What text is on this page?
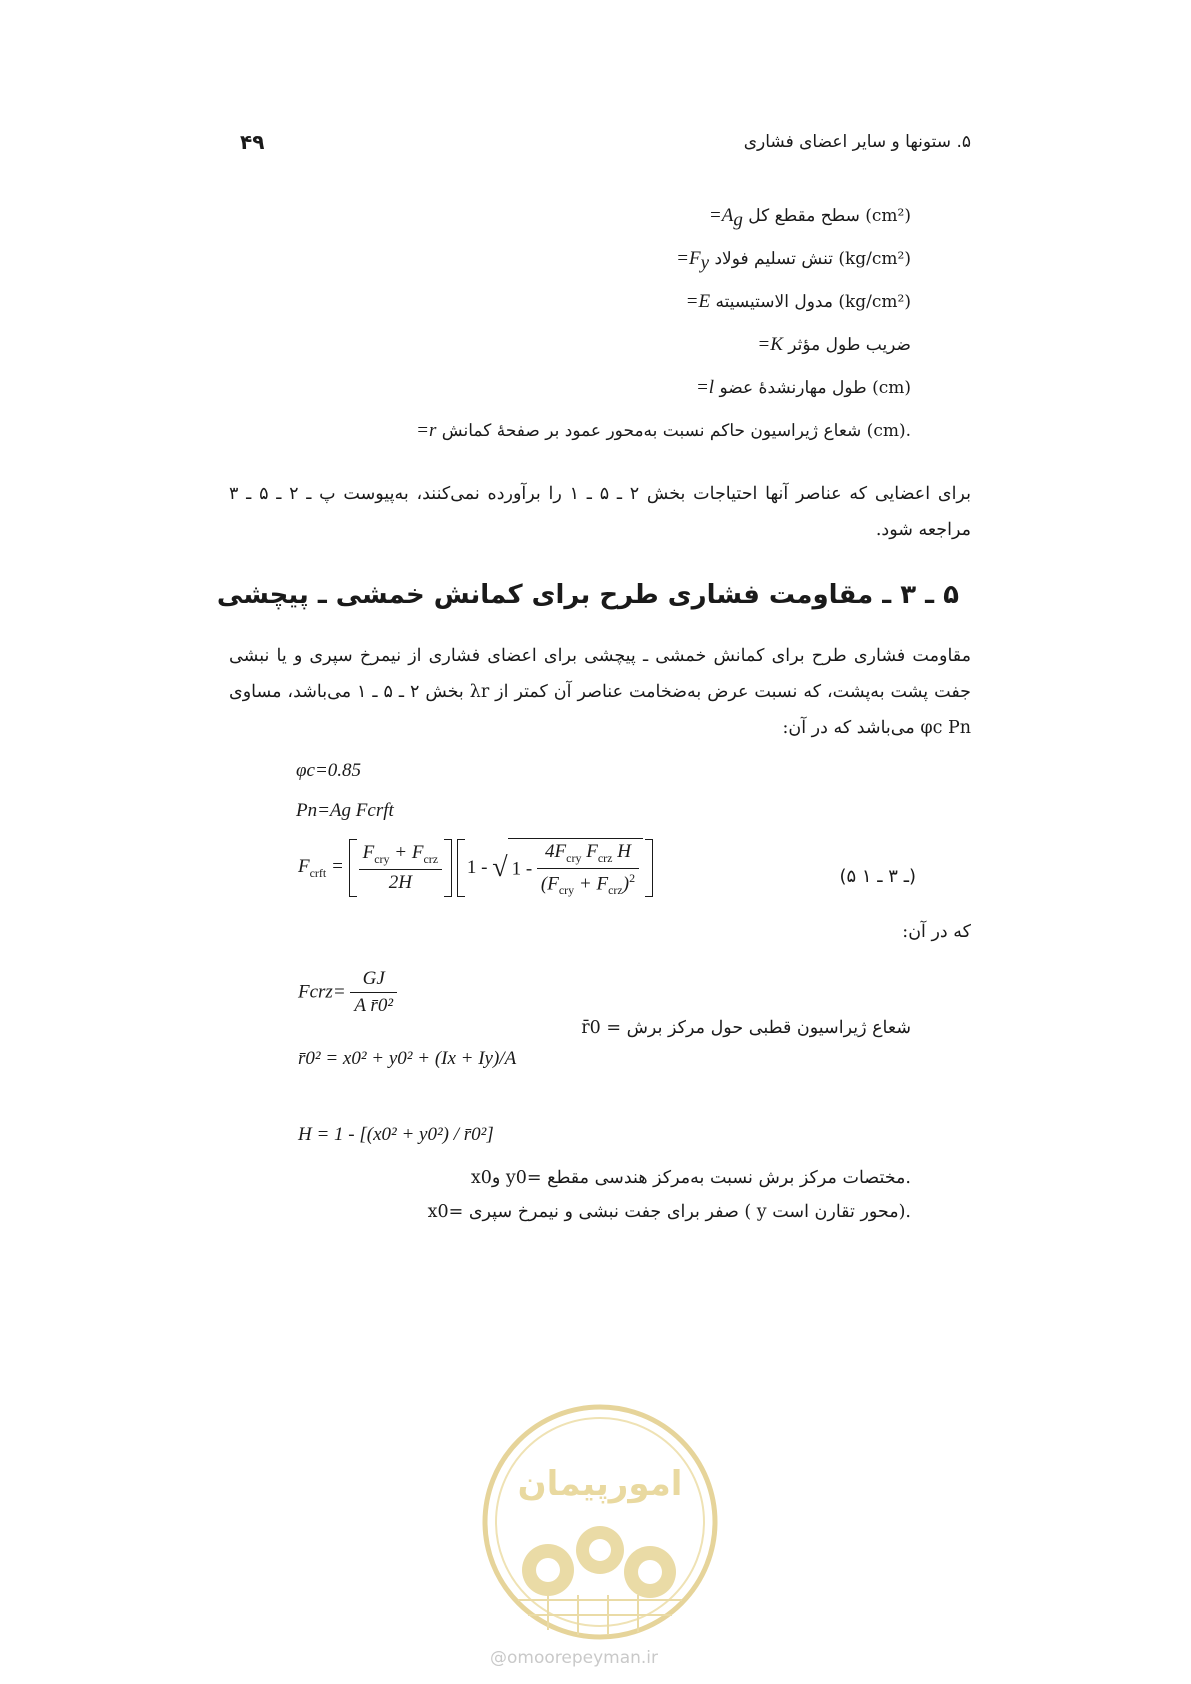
۵. ستونها و سایر اعضای فشاری
۴۹
$=A_g$ سطح مقطع کل (cm²)
$=F_y$ تنش تسلیم فولاد (kg/cm²)
=E مدول الاستیسیته (kg/cm²)
=K ضریب طول مؤثر
=l طول مهارنشدهٔ عضو (cm)
=r شعاع ژیراسیون حاکم نسبت به‌محور عمود بر صفحهٔ کمانش (cm).
برای اعضایی که عناصر آنها احتیاجات بخش ۲ ـ ۵ ـ ۱ را برآورده نمی‌کنند، به‌پیوست پ ـ ۲ ـ ۵ ـ ۳ مراجعه شود.
۵ ـ ۳ ـ مقاومت فشاری طرح برای کمانش خمشی ـ پیچشی
مقاومت فشاری طرح برای کمانش خمشی ـ پیچشی برای اعضای فشاری از نیمرخ سپری و یا نبشی جفت پشت به‌پشت، که نسبت عرض به‌ضخامت عناصر آن کمتر از λr بخش ۲ ـ ۵ ـ ۱ می‌باشد، مساوی φc Pn می‌باشد که در آن:
φc=0.85
Pn=Ag Fcrft
$F_{crft} = \frac{F_{cry} + F_{crz}}{2H} 1$ - √ $1 - \frac{4F_{cry} F_{crz} H}{(F_{cry} + F_{crz})^2}$	(۵ ـ ۳ ـ ۱)
که در آن:
Fcrz= $\frac{GJ}{\text{A r̄0²}}$
r̄0 = شعاع ژیراسیون قطبی حول مرکز برش
r̄0² = x0² + y0² + (Ix + Iy)/A
H = 1 - [(x0² + y0²) / r̄0²]
x0و y0= مختصات مرکز برش نسبت به‌مرکز هندسی مقطع.
x0= صفر برای جفت نبشی و نیمرخ سپری ( y محور تقارن است).
امورپیمان
@omoorepeyman.ir
